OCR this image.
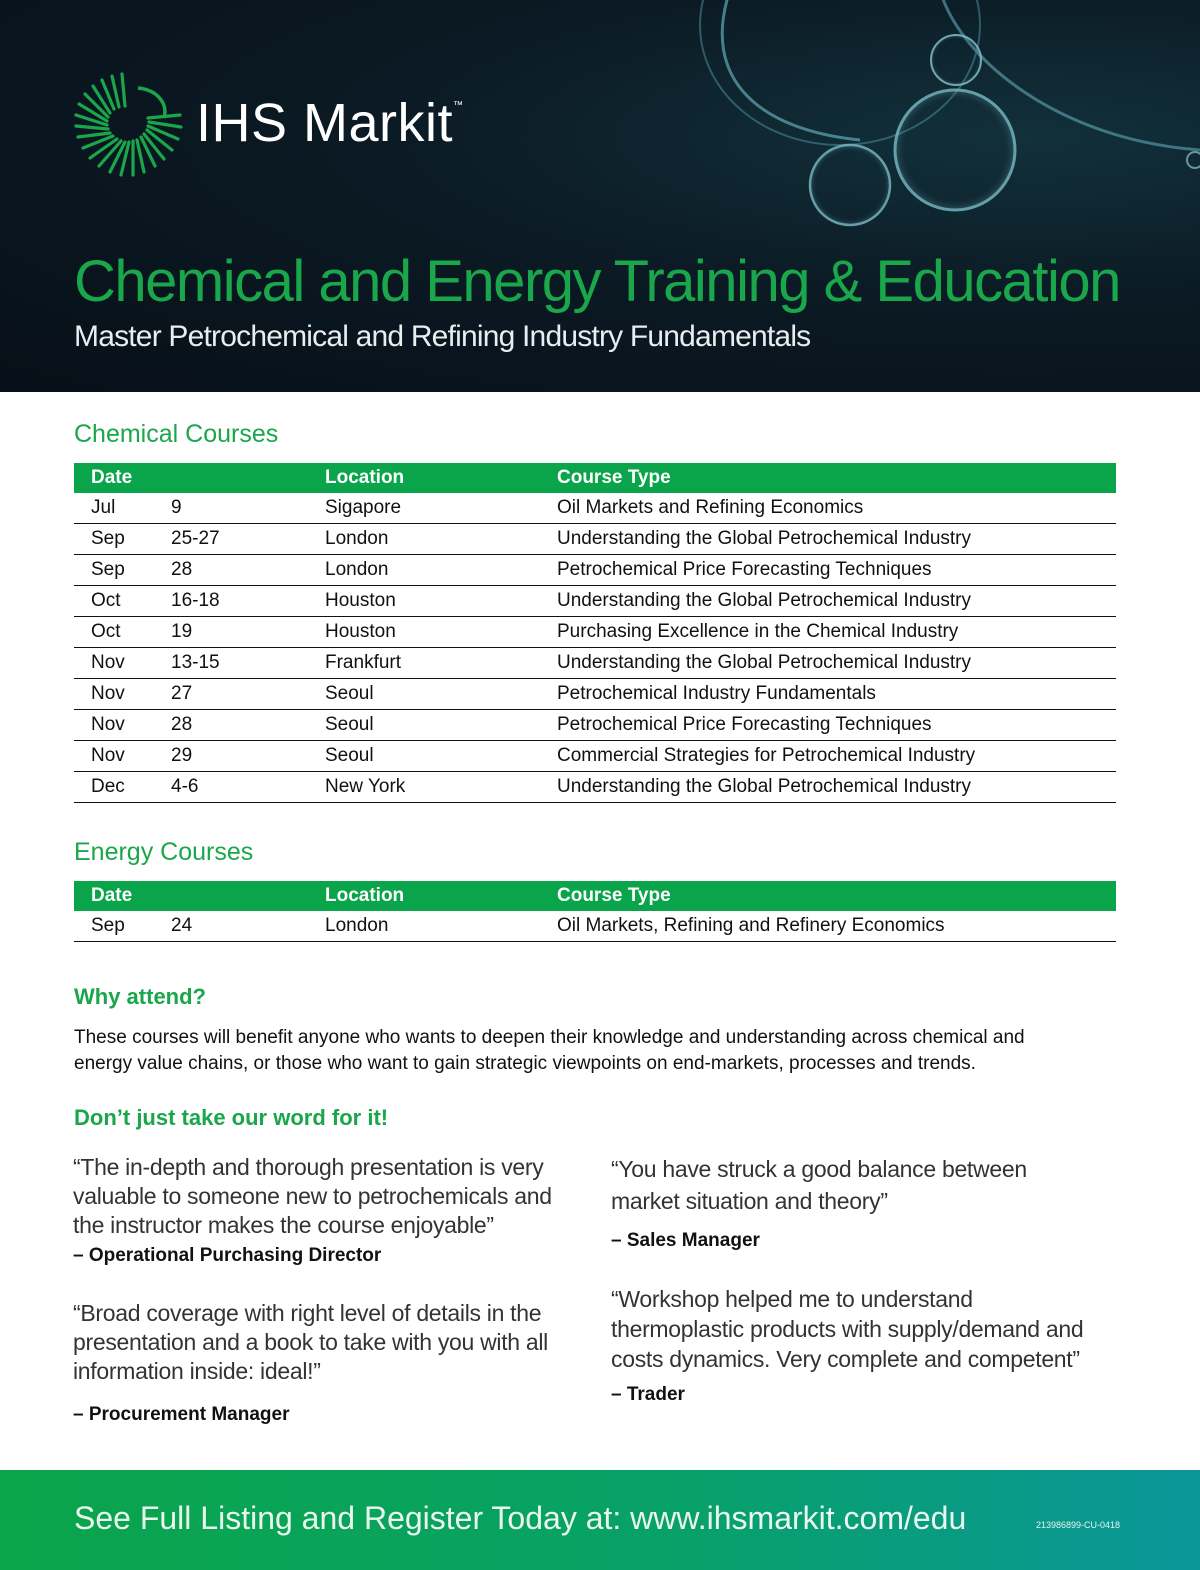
IHS Markit™
Chemical and Energy Training & Education
Master Petrochemical and Refining Industry Fundamentals
Chemical Courses
Date		Location	Course Type
Jul	9	Sigapore	Oil Markets and Refining Economics
Sep	25-27	London	Understanding the Global Petrochemical Industry
Sep	28	London	Petrochemical Price Forecasting Techniques
Oct	16-18	Houston	Understanding the Global Petrochemical Industry
Oct	19	Houston	Purchasing Excellence in the Chemical Industry
Nov	13-15	Frankfurt	Understanding the Global Petrochemical Industry
Nov	27	Seoul	Petrochemical Industry Fundamentals
Nov	28	Seoul	Petrochemical Price Forecasting Techniques
Nov	29	Seoul	Commercial Strategies for Petrochemical Industry
Dec	4-6	New York	Understanding the Global Petrochemical Industry
Energy Courses
Date		Location	Course Type
Sep	24	London	Oil Markets, Refining and Refinery Economics
Why attend?
These courses will benefit anyone who wants to deepen their knowledge and understanding across chemical and energy value chains, or those who want to gain strategic viewpoints on end-markets, processes and trends.
Don’t just take our word for it!
“The in-depth and thorough presentation is very valuable to someone new to petrochemicals and the instructor makes the course enjoyable”
– Operational Purchasing Director
“Broad coverage with right level of details in the presentation and a book to take with you with all information inside: ideal!”
– Procurement Manager
“You have struck a good balance between market situation and theory”
– Sales Manager
“Workshop helped me to understand thermoplastic products with supply/demand and costs dynamics. Very complete and competent”
– Trader
See Full Listing and Register Today at: www.ihsmarkit.com/edu	213986899-CU-0418
